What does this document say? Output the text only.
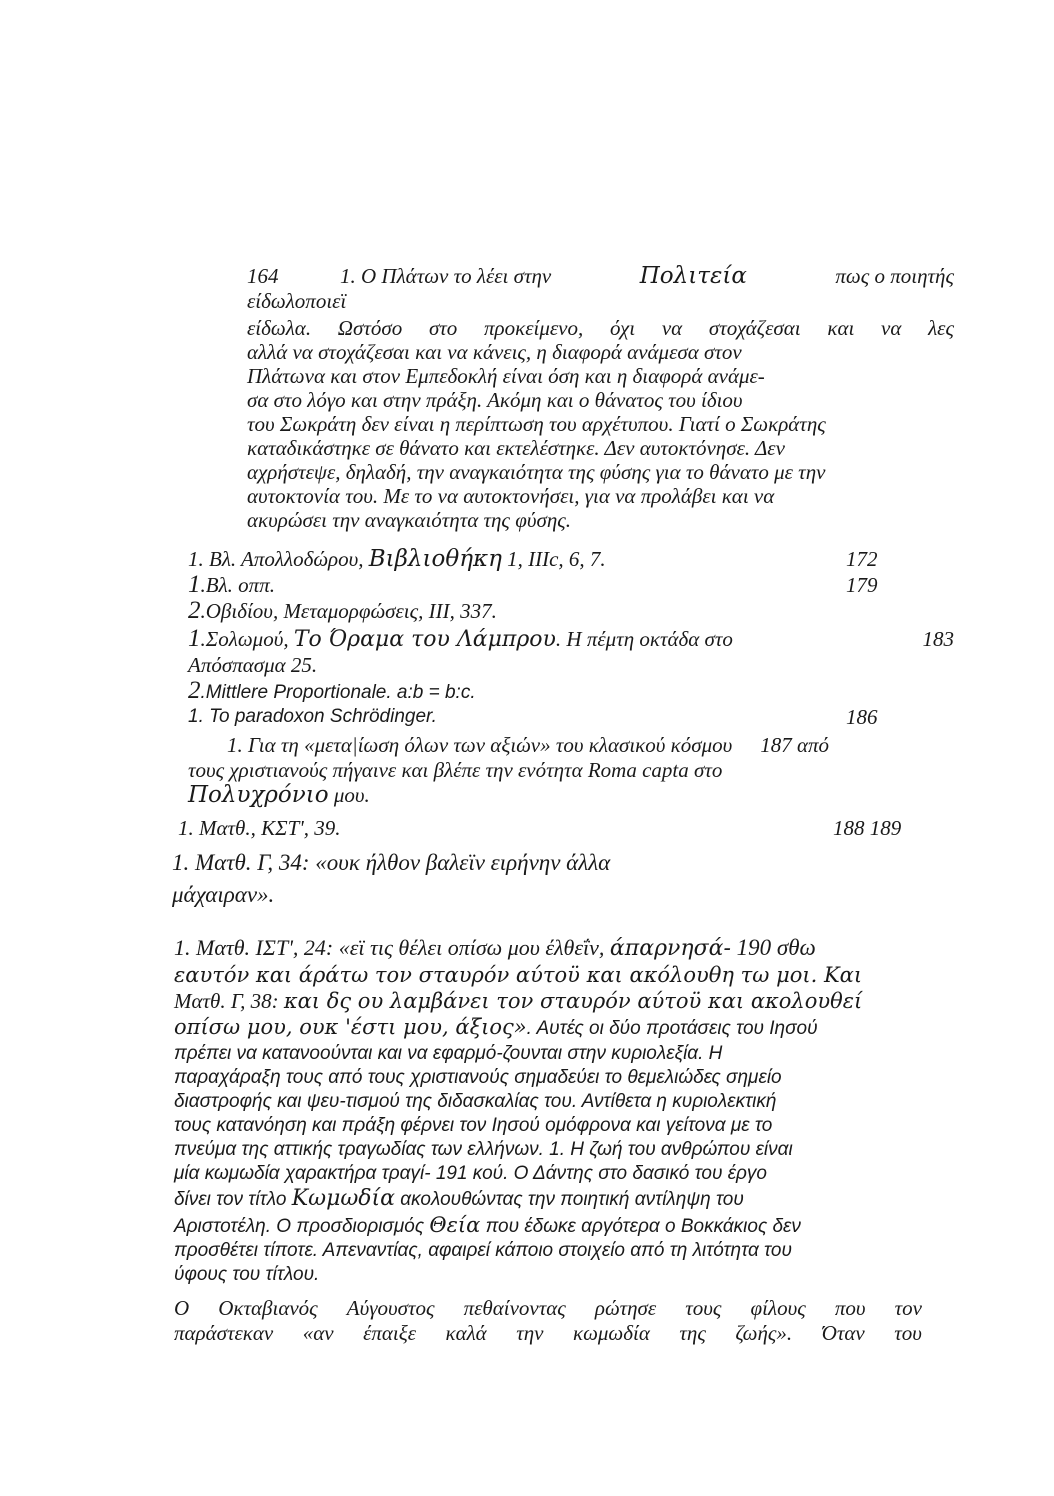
164	1. Ο Πλάτων το λέει στην	Πολιτεία	πως ο ποιητής
είδωλοποιεϊ
είδωλα. Ωστόσο στο προκείμενο, όχι να στοχάζεσαι και να λες
αλλά να στοχάζεσαι και να κάνεις, η διαφορά ανάμεσα στον
Πλάτωνα και στον Εμπεδοκλή είναι όση και η διαφορά ανάμε-
σα στο λόγο και στην πράξη. Ακόμη και ο θάνατος του ίδιου
του Σωκράτη δεν είναι η περίπτωση του αρχέτυπου. Γιατί ο Σωκράτης
καταδικάστηκε σε θάνατο και εκτελέστηκε. Δεν αυτοκτόνησε. Δεν
αχρήστεψε, δηλαδή, την αναγκαιότητα της φύσης για το θάνατο με την
αυτοκτονία του. Με το να αυτοκτονήσει, για να προλάβει και να
ακυρώσει την αναγκαιότητα της φύσης.
1. Βλ. Απολλοδώρου, Βιβλιοθήκη 1, IIIc, 6, 7.	172
1.Βλ. οππ.	179
2.Οβιδίου, Μεταμορφώσεις, III, 337.
1.Σολωμού, Το Όραμα του Λάμπρου. Η πέμτη οκτάδα στο	183
Απόσπασμα 25.
2.Mittlere Proportionale. a:b = b:c.
1. To paradoxon Schrödinger.	186
1. Για τη «μετα|ίωση όλων των αξιών» του κλασικού κόσμου 187 από
τους χριστιανούς πήγαινε και βλέπε την ενότητα Roma capta στο
Πολυχρόνιο μου.
1. Ματθ., ΚΣΤ', 39.	188 189
1. Ματθ. Γ, 34: «ουκ ήλθον βαλεϊν ειρήνην άλλα
μάχαιραν».
1. Ματθ. ΙΣΤ', 24: «εϊ τις θέλει οπίσω μου έλθεΐν, άπαρνησά- 190 σθω
εαυτόν και άράτω τον σταυρόν αύτοϋ και ακόλουθη τω μοι. Και
Ματθ. Γ, 38: και δς ου λαμβάνει τον σταυρόν αύτοϋ και ακολουθεί
οπίσω μου, ουκ 'έστι μου, άξιος». Αυτές οι δύο προτάσεις του Ιησού
πρέπει να κατανοούνται και να εφαρμό-ζουνται στην κυριολεξία. Η
παραχάραξη τους από τους χριστιανούς σημαδεύει το θεμελιώδες σημείο
διαστροφής και ψευ-τισμού της διδασκαλίας του. Αντίθετα η κυριολεκτική
τους κατανόηση και πράξη φέρνει τον Ιησού ομόφρονα και γείτονα με το
πνεύμα της αττικής τραγωδίας των ελλήνων. 1. Η ζωή του ανθρώπου είναι
μία κωμωδία χαρακτήρα τραγί- 191 κού. Ο Δάντης στο δασικό του έργο
δίνει τον τίτλο Κωμωδία ακολουθώντας την ποιητική αντίληψη του
Αριστοτέλη. Ο προσδιορισμός Θεία που έδωκε αργότερα ο Βοκκάκιος δεν
προσθέτει τίποτε. Απεναντίας, αφαιρεί κάποιο στοιχείο από τη λιτότητα του
ύφους του τίτλου.
Ο Οκταβιανός Αύγουστος πεθαίνοντας ρώτησε τους φίλους που τον
παράστεκαν «αν έπαιξε καλά την κωμωδία της ζωής». Όταν του
